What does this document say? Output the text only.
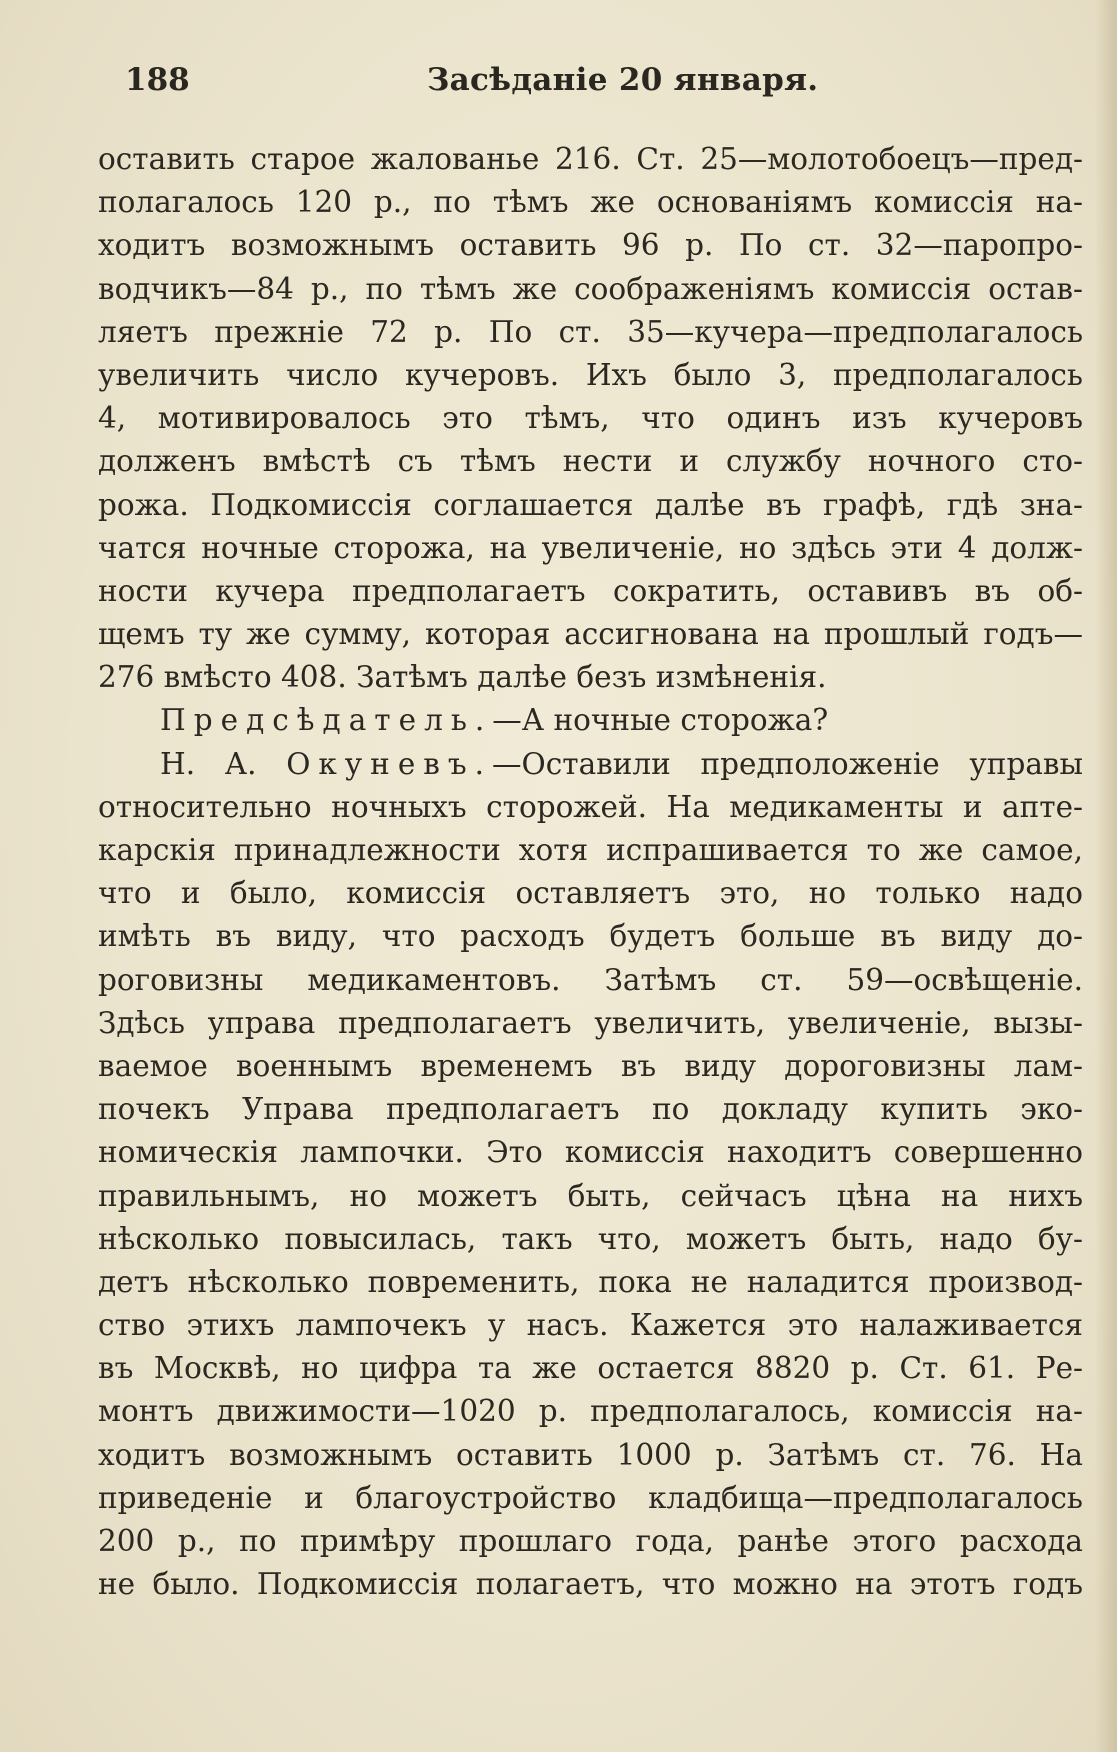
188	Засѣданіе 20 января.
оставить старое жалованье 216. Ст. 25—молотобоецъ—пред-
полагалось 120 р., по тѣмъ же основаніямъ комиссія на-
ходитъ возможнымъ оставить 96 р. По ст. 32—паропро-
водчикъ—84 р., по тѣмъ же соображеніямъ комиссія остав-
ляетъ прежніе 72 р. По ст. 35—кучера—предполагалось
увеличить число кучеровъ. Ихъ было 3, предполагалось
4, мотивировалось это тѣмъ, что одинъ изъ кучеровъ
долженъ вмѣстѣ съ тѣмъ нести и службу ночного сто-
рожа. Подкомиссія соглашается далѣе въ графѣ, гдѣ зна-
чатся ночные сторожа, на увеличеніе, но здѣсь эти 4 долж-
ности кучера предполагаетъ сократить, оставивъ въ об-
щемъ ту же сумму, которая ассигнована на прошлый годъ—
276 вмѣсто 408. Затѣмъ далѣе безъ измѣненія.
Предсѣдатель.—А ночные сторожа?
Н. А. Окуневъ.—Оставили предположеніе управы
относительно ночныхъ сторожей. На медикаменты и апте-
карскія принадлежности хотя испрашивается то же самое,
что и было, комиссія оставляетъ это, но только надо
имѣть въ виду, что расходъ будетъ больше въ виду до-
роговизны медикаментовъ. Затѣмъ ст. 59—освѣщеніе.
Здѣсь управа предполагаетъ увеличить, увеличеніе, вызы-
ваемое военнымъ временемъ въ виду дороговизны лам-
почекъ Управа предполагаетъ по докладу купить эко-
номическія лампочки. Это комиссія находитъ совершенно
правильнымъ, но можетъ быть, сейчасъ цѣна на нихъ
нѣсколько повысилась, такъ что, можетъ быть, надо бу-
детъ нѣсколько повременить, пока не наладится производ-
ство этихъ лампочекъ у насъ. Кажется это налаживается
въ Москвѣ, но цифра та же остается 8820 р. Ст. 61. Ре-
монтъ движимости—1020 р. предполагалось, комиссія на-
ходитъ возможнымъ оставить 1000 р. Затѣмъ ст. 76. На
приведеніе и благоустройство кладбища—предполагалось
200 р., по примѣру прошлаго года, ранѣе этого расхода
не было. Подкомиссія полагаетъ, что можно на этотъ годъ
